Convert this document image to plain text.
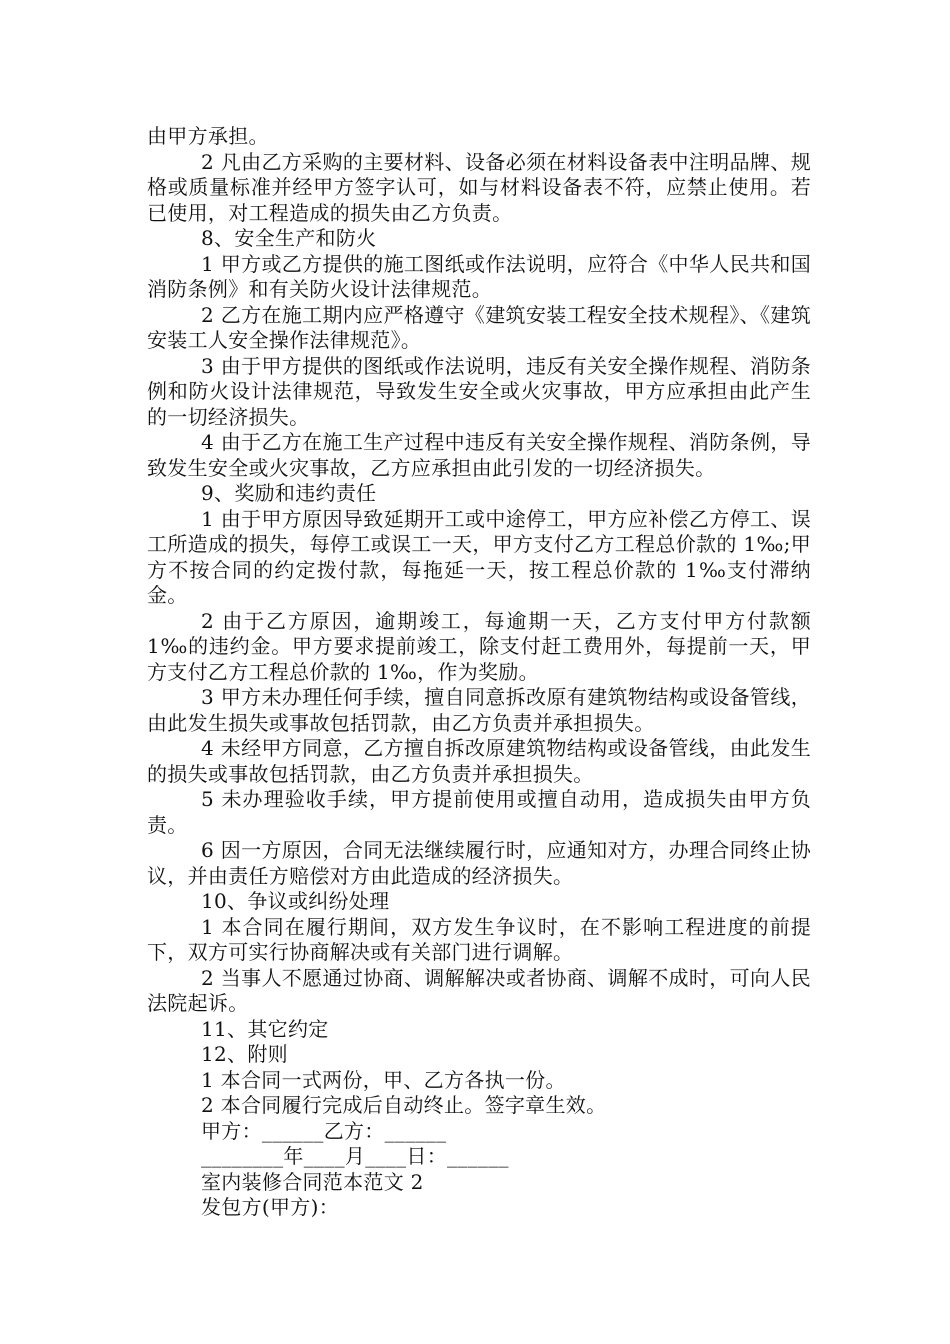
由甲方承担。

2 凡由乙方采购的主要材料、设备必须在材料设备表中注明品牌、规格或质量标准并经甲方签字认可，如与材料设备表不符，应禁止使用。若已使用，对工程造成的损失由乙方负责。

8、安全生产和防火

1 甲方或乙方提供的施工图纸或作法说明，应符合《中华人民共和国消防条例》和有关防火设计法律规范。

2 乙方在施工期内应严格遵守《建筑安装工程安全技术规程》、《建筑安装工人安全操作法律规范》。

3 由于甲方提供的图纸或作法说明，违反有关安全操作规程、消防条例和防火设计法律规范，导致发生安全或火灾事故，甲方应承担由此产生的一切经济损失。

4 由于乙方在施工生产过程中违反有关安全操作规程、消防条例，导致发生安全或火灾事故，乙方应承担由此引发的一切经济损失。

9、奖励和违约责任

1 由于甲方原因导致延期开工或中途停工，甲方应补偿乙方停工、误工所造成的损失，每停工或误工一天，甲方支付乙方工程总价款的 1‰;甲方不按合同的约定拨付款，每拖延一天，按工程总价款的 1‰支付滞纳金。

2 由于乙方原因，逾期竣工，每逾期一天，乙方支付甲方付款额 1‰的违约金。甲方要求提前竣工，除支付赶工费用外，每提前一天，甲方支付乙方工程总价款的 1‰，作为奖励。

3 甲方未办理任何手续，擅自同意拆改原有建筑物结构或设备管线，由此发生损失或事故包括罚款，由乙方负责并承担损失。

4 未经甲方同意，乙方擅自拆改原建筑物结构或设备管线，由此发生的损失或事故包括罚款，由乙方负责并承担损失。

5 未办理验收手续，甲方提前使用或擅自动用，造成损失由甲方负责。

6 因一方原因，合同无法继续履行时，应通知对方，办理合同终止协议，并由责任方赔偿对方由此造成的经济损失。

10、争议或纠纷处理

1 本合同在履行期间，双方发生争议时，在不影响工程进度的前提下，双方可实行协商解决或有关部门进行调解。

2 当事人不愿通过协商、调解解决或者协商、调解不成时，可向人民法院起诉。

11、其它约定

12、附则

1 本合同一式两份，甲、乙方各执一份。

2 本合同履行完成后自动终止。签字章生效。

甲方：______乙方：______

________年____月____日：______

室内装修合同范本范文 2

发包方(甲方)：
